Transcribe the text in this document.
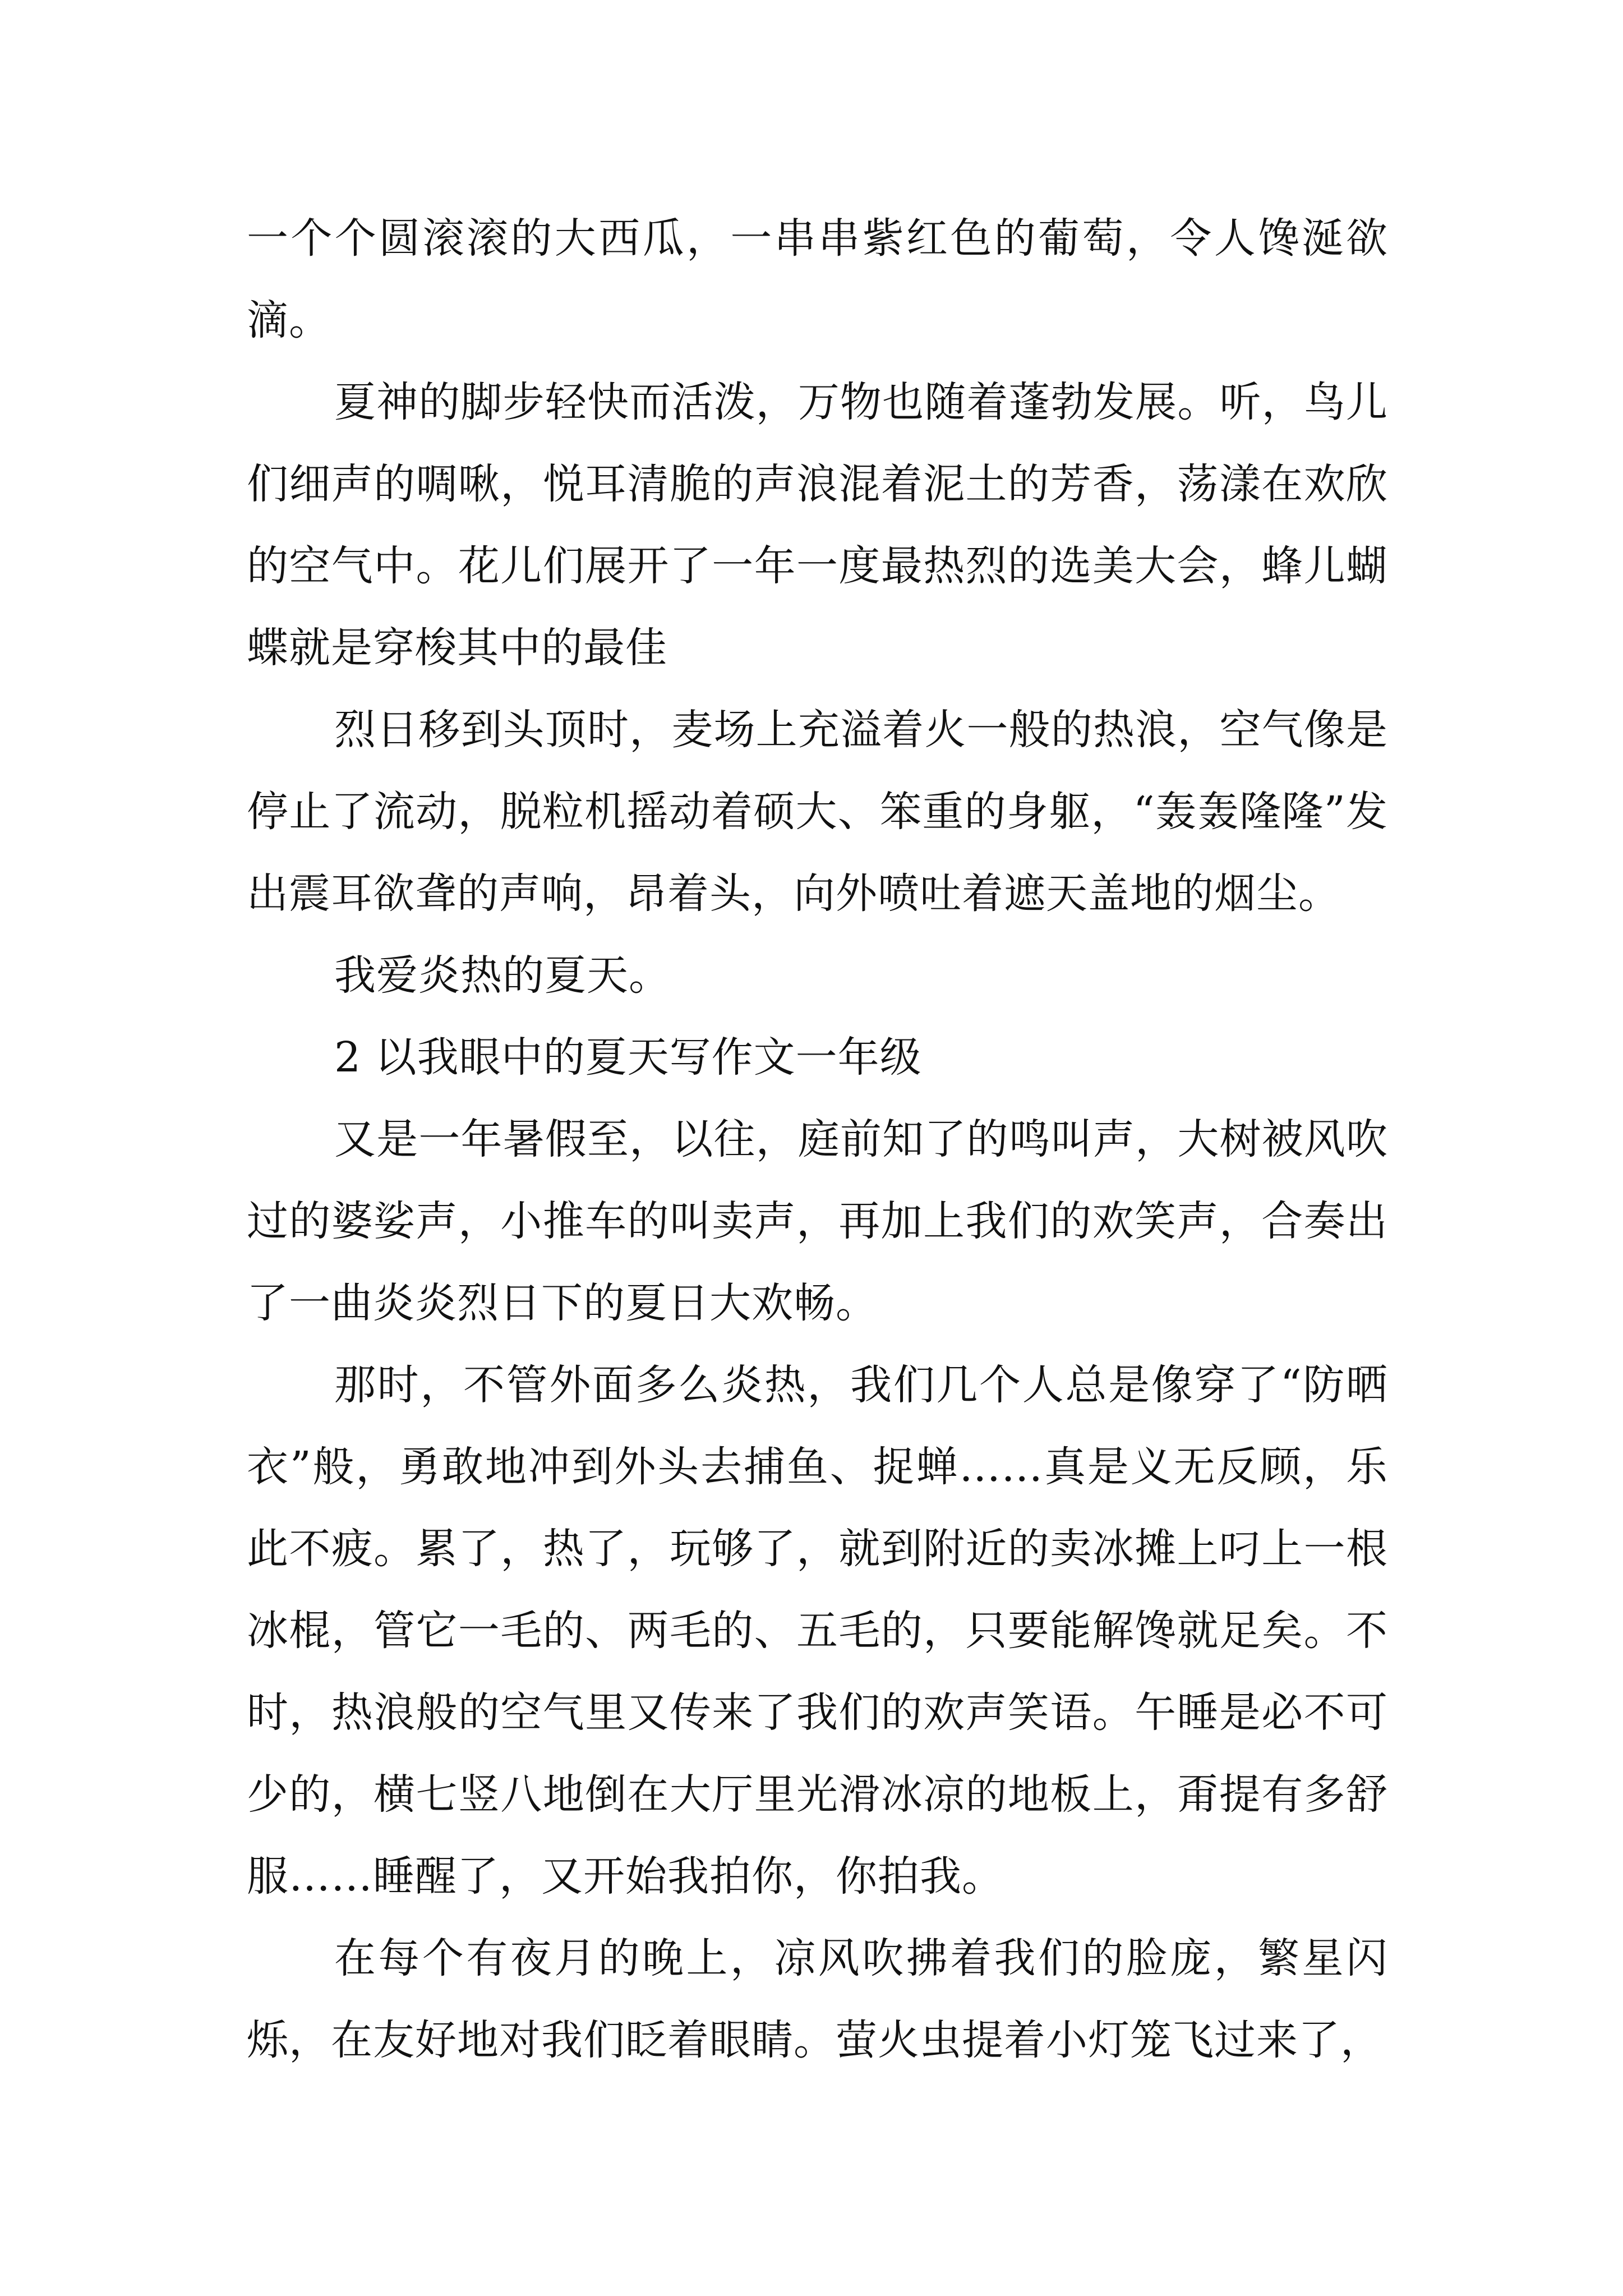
一个个圆滚滚的大西瓜，一串串紫红色的葡萄，令人馋涎欲滴。

夏神的脚步轻快而活泼，万物也随着蓬勃发展。听，鸟儿们细声的啁啾，悦耳清脆的声浪混着泥土的芳香，荡漾在欢欣的空气中。花儿们展开了一年一度最热烈的选美大会，蜂儿蝴蝶就是穿梭其中的最佳

烈日移到头顶时，麦场上充溢着火一般的热浪，空气像是停止了流动，脱粒机摇动着硕大、笨重的身躯，“轰轰隆隆”发出震耳欲聋的声响，昂着头，向外喷吐着遮天盖地的烟尘。

我爱炎热的夏天。

2 以我眼中的夏天写作文一年级

又是一年暑假至，以往，庭前知了的鸣叫声，大树被风吹过的婆娑声，小推车的叫卖声，再加上我们的欢笑声，合奏出了一曲炎炎烈日下的夏日大欢畅。

那时，不管外面多么炎热，我们几个人总是像穿了“防晒衣”般，勇敢地冲到外头去捕鱼、捉蝉……真是义无反顾，乐此不疲。累了，热了，玩够了，就到附近的卖冰摊上叼上一根冰棍，管它一毛的、两毛的、五毛的，只要能解馋就足矣。不时，热浪般的空气里又传来了我们的欢声笑语。午睡是必不可少的，横七竖八地倒在大厅里光滑冰凉的地板上，甭提有多舒服……睡醒了，又开始我拍你，你拍我。

在每个有夜月的晚上，凉风吹拂着我们的脸庞，繁星闪烁，在友好地对我们眨着眼睛。萤火虫提着小灯笼飞过来了，
